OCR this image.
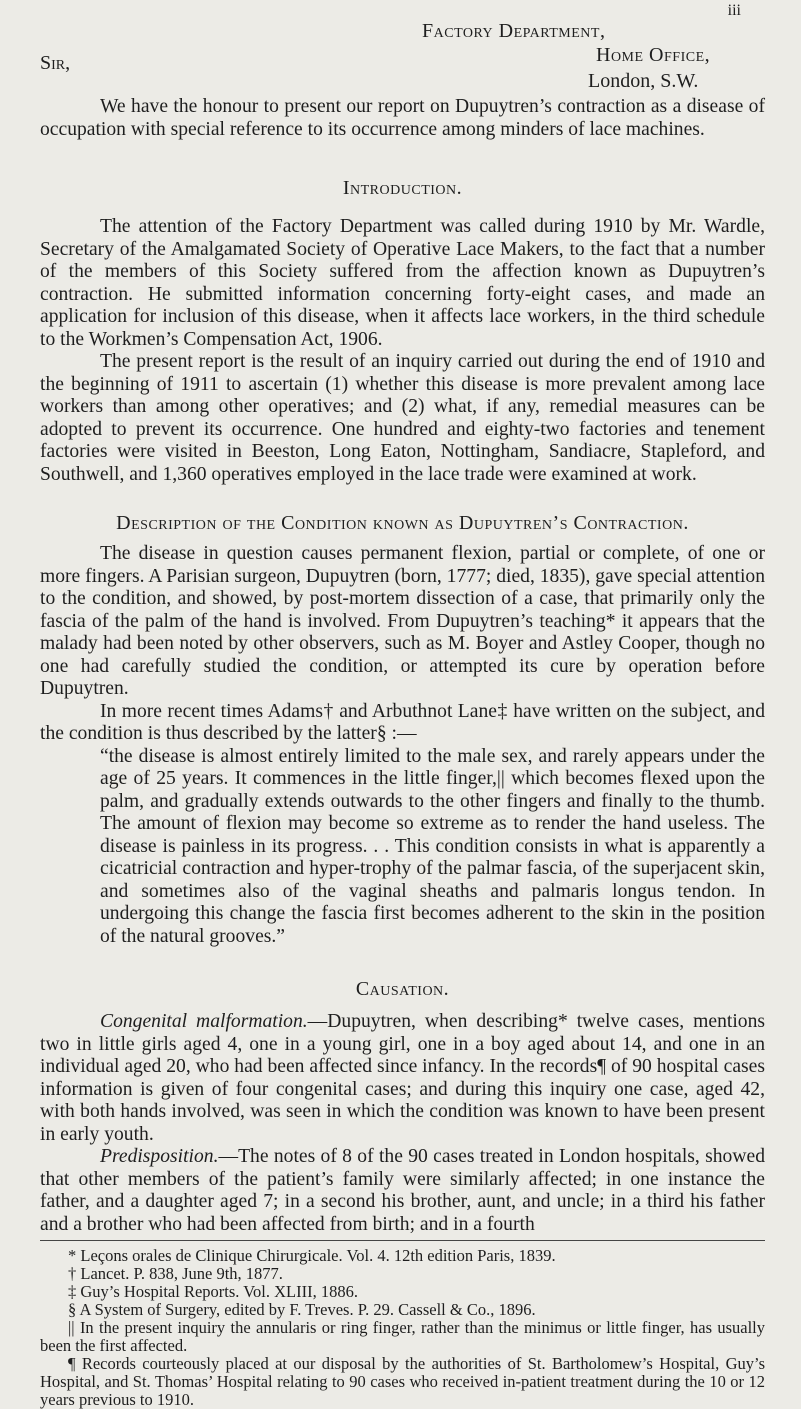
iii
Factory Department,
Home Office,
Sir,
London, S.W.

We have the honour to present our report on Dupuytren’s contraction as a disease of occupation with special reference to its occurrence among minders of lace machines.

Introduction.

The attention of the Factory Department was called during 1910 by Mr. Wardle, Secretary of the Amalgamated Society of Operative Lace Makers, to the fact that a number of the members of this Society suffered from the affection known as Dupuytren’s contraction. He submitted information concerning forty-eight cases, and made an application for inclusion of this disease, when it affects lace workers, in the third schedule to the Workmen’s Compensation Act, 1906.

The present report is the result of an inquiry carried out during the end of 1910 and the beginning of 1911 to ascertain (1) whether this disease is more prevalent among lace workers than among other operatives; and (2) what, if any, remedial measures can be adopted to prevent its occurrence. One hundred and eighty-two factories and tenement factories were visited in Beeston, Long Eaton, Nottingham, Sandiacre, Stapleford, and Southwell, and 1,360 operatives employed in the lace trade were examined at work.

Description of the Condition known as Dupuytren’s Contraction.

The disease in question causes permanent flexion, partial or complete, of one or more fingers. A Parisian surgeon, Dupuytren (born, 1777; died, 1835), gave special attention to the condition, and showed, by post-mortem dissection of a case, that primarily only the fascia of the palm of the hand is involved. From Dupuytren’s teaching* it appears that the malady had been noted by other observers, such as M. Boyer and Astley Cooper, though no one had carefully studied the condition, or attempted its cure by operation before Dupuytren.

In more recent times Adams† and Arbuthnot Lane‡ have written on the subject, and the condition is thus described by the latter§ :—

“the disease is almost entirely limited to the male sex, and rarely appears under the age of 25 years. It commences in the little finger,|| which becomes flexed upon the palm, and gradually extends outwards to the other fingers and finally to the thumb. The amount of flexion may become so extreme as to render the hand useless. The disease is painless in its progress. . . This condition consists in what is apparently a cicatricial contraction and hyper-trophy of the palmar fascia, of the superjacent skin, and sometimes also of the vaginal sheaths and palmaris longus tendon. In undergoing this change the fascia first becomes adherent to the skin in the position of the natural grooves.”

Causation.

Congenital malformation.—Dupuytren, when describing* twelve cases, mentions two in little girls aged 4, one in a young girl, one in a boy aged about 14, and one in an individual aged 20, who had been affected since infancy. In the records¶ of 90 hospital cases information is given of four congenital cases; and during this inquiry one case, aged 42, with both hands involved, was seen in which the condition was known to have been present in early youth.

Predisposition.—The notes of 8 of the 90 cases treated in London hospitals, showed that other members of the patient’s family were similarly affected; in one instance the father, and a daughter aged 7; in a second his brother, aunt, and uncle; in a third his father and a brother who had been affected from birth; and in a fourth

* Leçons orales de Clinique Chirurgicale. Vol. 4. 12th edition Paris, 1839.

† Lancet. P. 838, June 9th, 1877.

‡ Guy’s Hospital Reports. Vol. XLIII, 1886.

§ A System of Surgery, edited by F. Treves. P. 29. Cassell & Co., 1896.

|| In the present inquiry the annularis or ring finger, rather than the minimus or little finger, has usually been the first affected.

¶ Records courteously placed at our disposal by the authorities of St. Bartholomew’s Hospital, Guy’s Hospital, and St. Thomas’ Hospital relating to 90 cases who received in-patient treatment during the 10 or 12 years previous to 1910.
